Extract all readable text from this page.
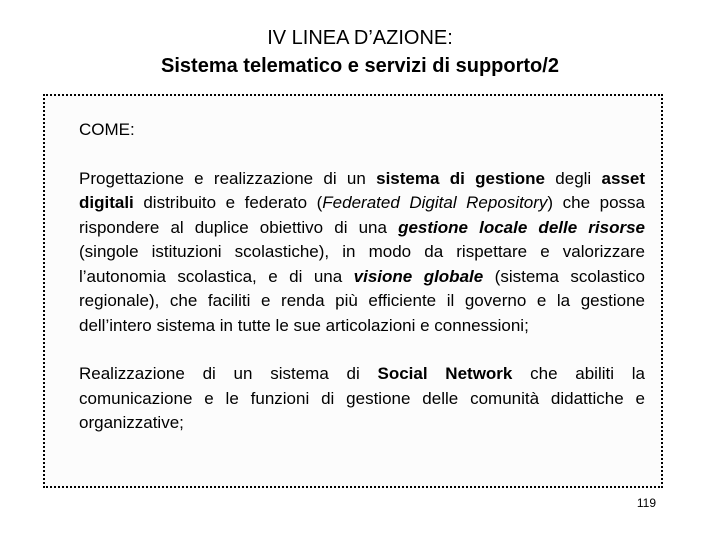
IV LINEA D’AZIONE:
Sistema telematico e servizi di supporto/2
COME:
Progettazione e realizzazione di un sistema di gestione degli asset digitali distribuito e federato (Federated Digital Repository) che possa rispondere al duplice obiettivo di una gestione locale delle risorse (singole istituzioni scolastiche), in modo da rispettare e valorizzare l’autonomia scolastica, e di una visione globale (sistema scolastico regionale), che faciliti e renda più efficiente il governo e la gestione dell’intero sistema in tutte le sue articolazioni e connessioni;
Realizzazione di un sistema di Social Network che abiliti la comunicazione e le funzioni di gestione delle comunità didattiche e organizzative;
119
